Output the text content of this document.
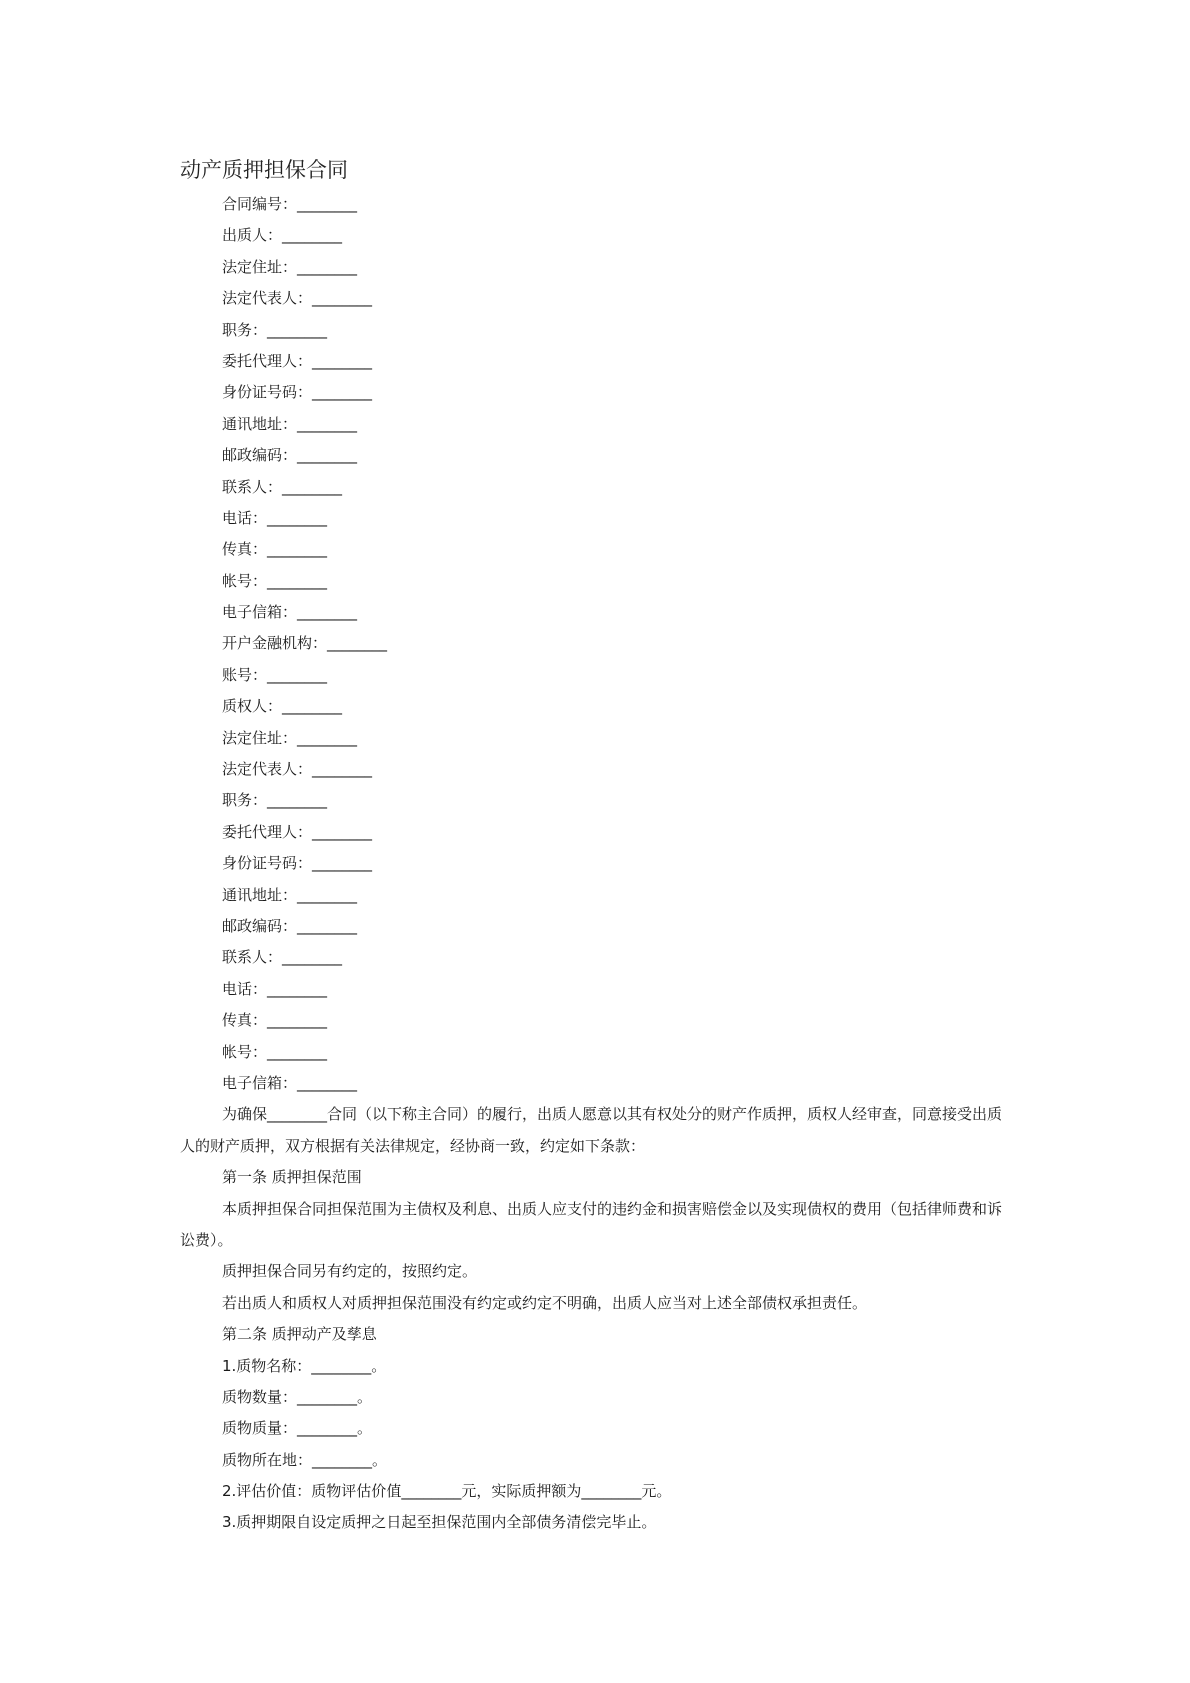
动产质押担保合同
合同编号：________
出质人：________
法定住址：________
法定代表人：________
职务：________
委托代理人：________
身份证号码：________
通讯地址：________
邮政编码：________
联系人：________
电话：________
传真：________
帐号：________
电子信箱：________
开户金融机构：________
账号：________
质权人：________
法定住址：________
法定代表人：________
职务：________
委托代理人：________
身份证号码：________
通讯地址：________
邮政编码：________
联系人：________
电话：________
传真：________
帐号：________
电子信箱：________
为确保________合同（以下称主合同）的履行，出质人愿意以其有权处分的财产作质押，质权人经审查，同意接受出质人的财产质押，双方根据有关法律规定，经协商一致，约定如下条款：
第一条 质押担保范围
本质押担保合同担保范围为主债权及利息、出质人应支付的违约金和损害赔偿金以及实现债权的费用（包括律师费和诉讼费）。
质押担保合同另有约定的，按照约定。
若出质人和质权人对质押担保范围没有约定或约定不明确，出质人应当对上述全部债权承担责任。
第二条 质押动产及孳息
1.质物名称：________。
质物数量：________。
质物质量：________。
质物所在地：________。
2.评估价值：质物评估价值________元，实际质押额为________元。
3.质押期限自设定质押之日起至担保范围内全部债务清偿完毕止。
